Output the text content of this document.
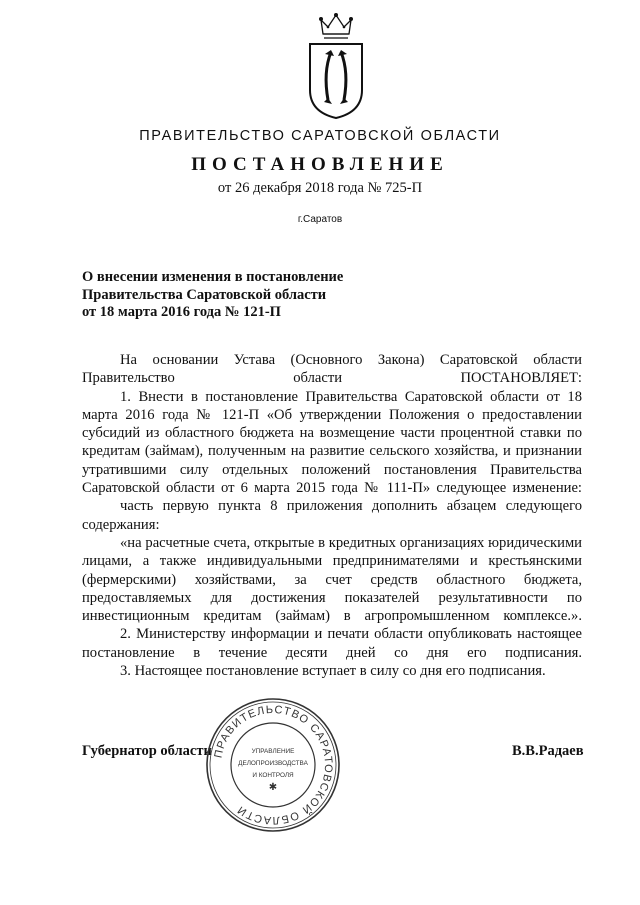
ПРАВИТЕЛЬСТВО САРАТОВСКОЙ ОБЛАСТИ
ПОСТАНОВЛЕНИЕ
от 26 декабря 2018 года № 725-П
г.Саратов
О внесении изменения в постановление
Правительства Саратовской области
от 18 марта 2016 года № 121-П

На основании Устава (Основного Закона) Саратовской области Правительство области ПОСТАНОВЛЯЕТ:

1. Внести в постановление Правительства Саратовской области от 18 марта 2016 года № 121-П «Об утверждении Положения о предоставлении субсидий из областного бюджета на возмещение части процентной ставки по кредитам (займам), полученным на развитие сельского хозяйства, и признании утратившими силу отдельных положений постановления Правительства Саратовской области от 6 марта 2015 года № 111-П» следующее изменение:

часть первую пункта 8 приложения дополнить абзацем следующего содержания:

«на расчетные счета, открытые в кредитных организациях юридическими лицами, а также индивидуальными предпринимателями и крестьянскими (фермерскими) хозяйствами, за счет средств областного бюджета, предоставляемых для достижения показателей результативности по инвестиционным кредитам (займам) в агропромышленном комплексе.».

2. Министерству информации и печати области опубликовать настоящее постановление в течение десяти дней со дня его подписания.

3. Настоящее постановление вступает в силу со дня его подписания.

Губернатор области	В.В.Радаев
ПРАВИТЕЛЬСТВО САРАТОВСКОЙ ОБЛАСТИ
✱
УПРАВЛЕНИЕ
ДЕЛОПРОИЗВОДСТВА
И КОНТРОЛЯ
